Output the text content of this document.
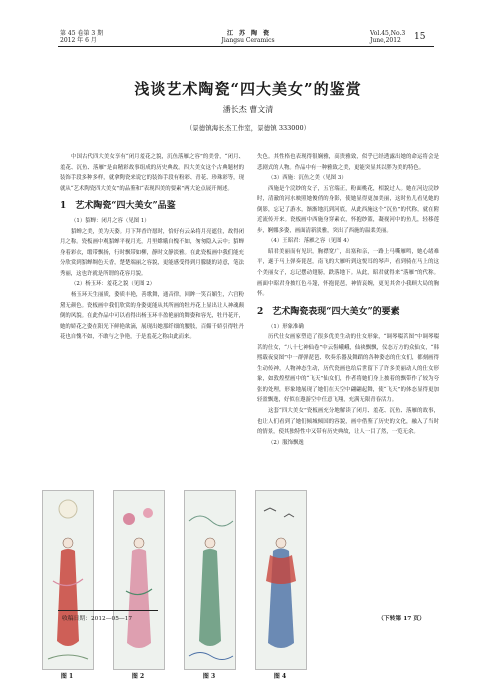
第 45 卷第 3 期
2012 年 6 月
江　苏　陶　瓷
Jiangsu Ceramics
Vol.45,No.3
June,2012	15
浅谈艺术陶瓷“四大美女”的鉴赏
潘长杰 曹文清
（景德镇海长杰工作室，景德镇 333000）

中国古代四大美女享有“闭月羞花之貌，沉鱼落雁之容”的美誉，“闭月、羞花、沉鱼、落雁”是由精彩故事组成的历史典故。四大美女这个古典题材的装饰手段多种多样，就拿陶瓷来说它的装饰手段有粉彩、青花、珍珠彩等，现就从“艺术陶瓷四大美女”的品鉴和“表现四美的要素”两大论点展开阐述。

1　艺术陶瓷“四大美女”品鉴

（1）貂蝉：闭月之容（见图 1）

貂蝉之美，美为天姿。月下拜香许愿时，恰好有云朵将月亮遮住，故得闭月之称。瓷板画中观貂蝉平视月光，月里嫦娥自愧不如，匆匆隐入云中；貂蝉身着彩衣，缎带飘扬，行时飘带如柳，静时文静淡雅。在此瓷板画中我们能充分欣赏到貂蝉绸色天香，楚楚端丽之容貌，更能感受得到月朦胧的诗意，笔法秀丽，这也许就是所谓的花容月貌。

（2）杨玉环：羞花之貌（见图 2）

杨玉环天生丽质，姿质丰艳，善歌舞，通音律，回眸一笑百媚生，六宫粉黛无颜色。瓷板画中我们欣赏的身姿更能从其所画的牡丹花上显出让人神魂颠倒的风貌。在此作品中可以看得出杨玉环丰盈艳丽的舞姿和容光，牡丹花开，她的娇花之姿在阳光下鲜艳欲滴，展现出她那纤细的腰肢，百媚千娇引得牡丹花也自愧不如，不敢与之争艳，于是羞花之称由此而来。

失色。其性格也表现得很娴雅，高贵雅致，似乎已经透露出她的命运将会是悲剧式的人物。作品中有一种雅致之美，更能突显其以胖为美的特色。

（3）西施：沉鱼之美（见图 3）

西施是个浣纱的女子，五官端正，粉面桃花，相貌过人。她在河边浣纱时，清澈的河水映照她俊俏的身影，使她显得更加美丽，这时鱼儿看见她的倒影，忘记了游水，渐渐地沉到河底，从此西施这个“沉鱼”的代称，就在附近流传开来。瓷板画中西施身穿素衣，怀抱纱篮，凝视河中的鱼儿，轻移莲步，婀娜多姿，画面清新淡雅，突出了西施的温柔美丽。

（4）王昭君：落雁之容（见图 4）

昭君美丽而有见识，胸襟宽广，出塞和亲，一路上马嘶雁鸣，她心绪难平，遂于马上弹奏琵琶，南飞的大雁听到这悦耳的琴声，看到骑在马上的这个美丽女子，忘记摆动翅膀，跌落地下。从此，昭君就得来“落雁”的代称。画面中昭君身披红色斗篷，怀抱琵琶，神情哀婉，更见其舍小我顾大局的胸怀。

2　艺术陶瓷表现“四大美女”的要素

（1）形象准确

历代仕女画家塑造了很多优美生动的仕女形象，“调琴啜茗图”中调琴啜茗的仕女，“八十七神仙卷”中云髻峨峨，仙袂飘飘，仪态万方的众仙女，“韩熙载夜宴图”中一群弹琵琶、吹奏乐器及舞蹈的各种姿态的仕女们，都刻画得生动传神，人物神态生动，历代瓷画也给后世留下了许多美丽动人的仕女形象，如敦煌壁画中的“飞天”仙女们，作者将她们身上披着的飘带作了较为夸张的处理，形象地展现了她们在天空中翩翩起舞，使“飞天”的体态显得更加轻盈飘逸，好似在遨游空中任意飞翔，充满无限青春活力。

这套“四大美女”瓷板画充分地解读了闭月、羞花、沉鱼、落雁的故事，也让人们看到了她们倾城倾国的容貌，画中借鉴了历史的文化，融入了当时的情景，使其独特性中又带有历史典故，让人一目了然，一览无余。

（2）服饰飘逸

图 1	图 2	图 3	图 4
收稿日期：2012—05—17	（下转第 17 页）
